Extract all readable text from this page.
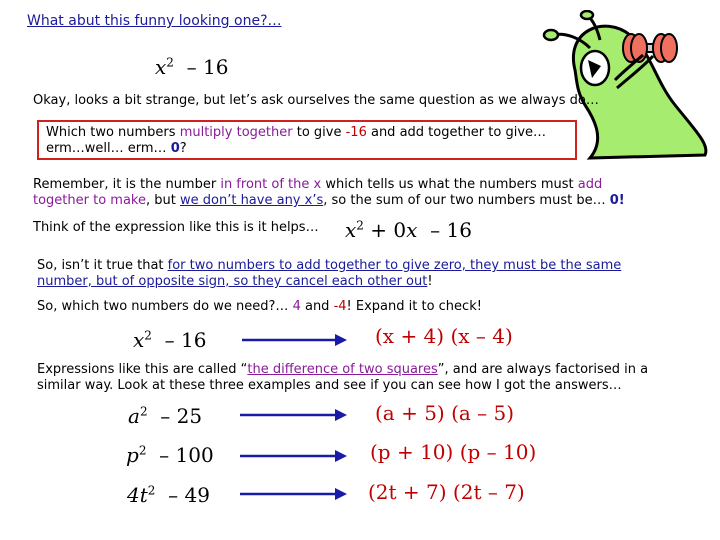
What abut this funny looking one?…
$x^2 - 16$
Okay, looks a bit strange, but let’s ask ourselves the same question as we always do…
Which two numbers multiply together to give -16 and add together to give…
erm…well… erm… 0?
Remember, it is the number in front of the x which tells us what the numbers must add together to make, but we don’t have any x’s, so the sum of our two numbers must be… 0!
Think of the expression like this is it helps… $x^2 + 0x - 16$
So, isn’t it true that for two numbers to add together to give zero, they must be the same number, but of opposite sign, so they cancel each other out!
So, which two numbers do we need?… 4 and -4! Expand it to check!
$x^2 - 16$	(x + 4) (x – 4)
Expressions like this are called “the difference of two squares”, and are always factorised in a similar way. Look at these three examples and see if you can see how I got the answers…
$a^2 - 25$	(a + 5) (a – 5)
$p^2 - 100$	(p + 10) (p – 10)
$4t^2 - 49$	(2t + 7) (2t – 7)
